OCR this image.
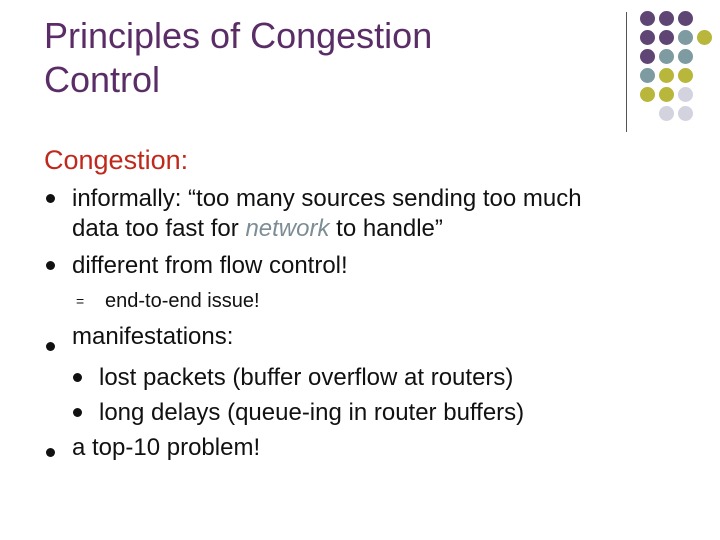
Principles of Congestion
Control
Congestion:
informally: “too many sources sending too much
data too fast for network to handle”
different from flow control!
= end-to-end issue!
manifestations:
lost packets (buffer overflow at routers)
long delays (queue-ing in router buffers)
a top-10 problem!
